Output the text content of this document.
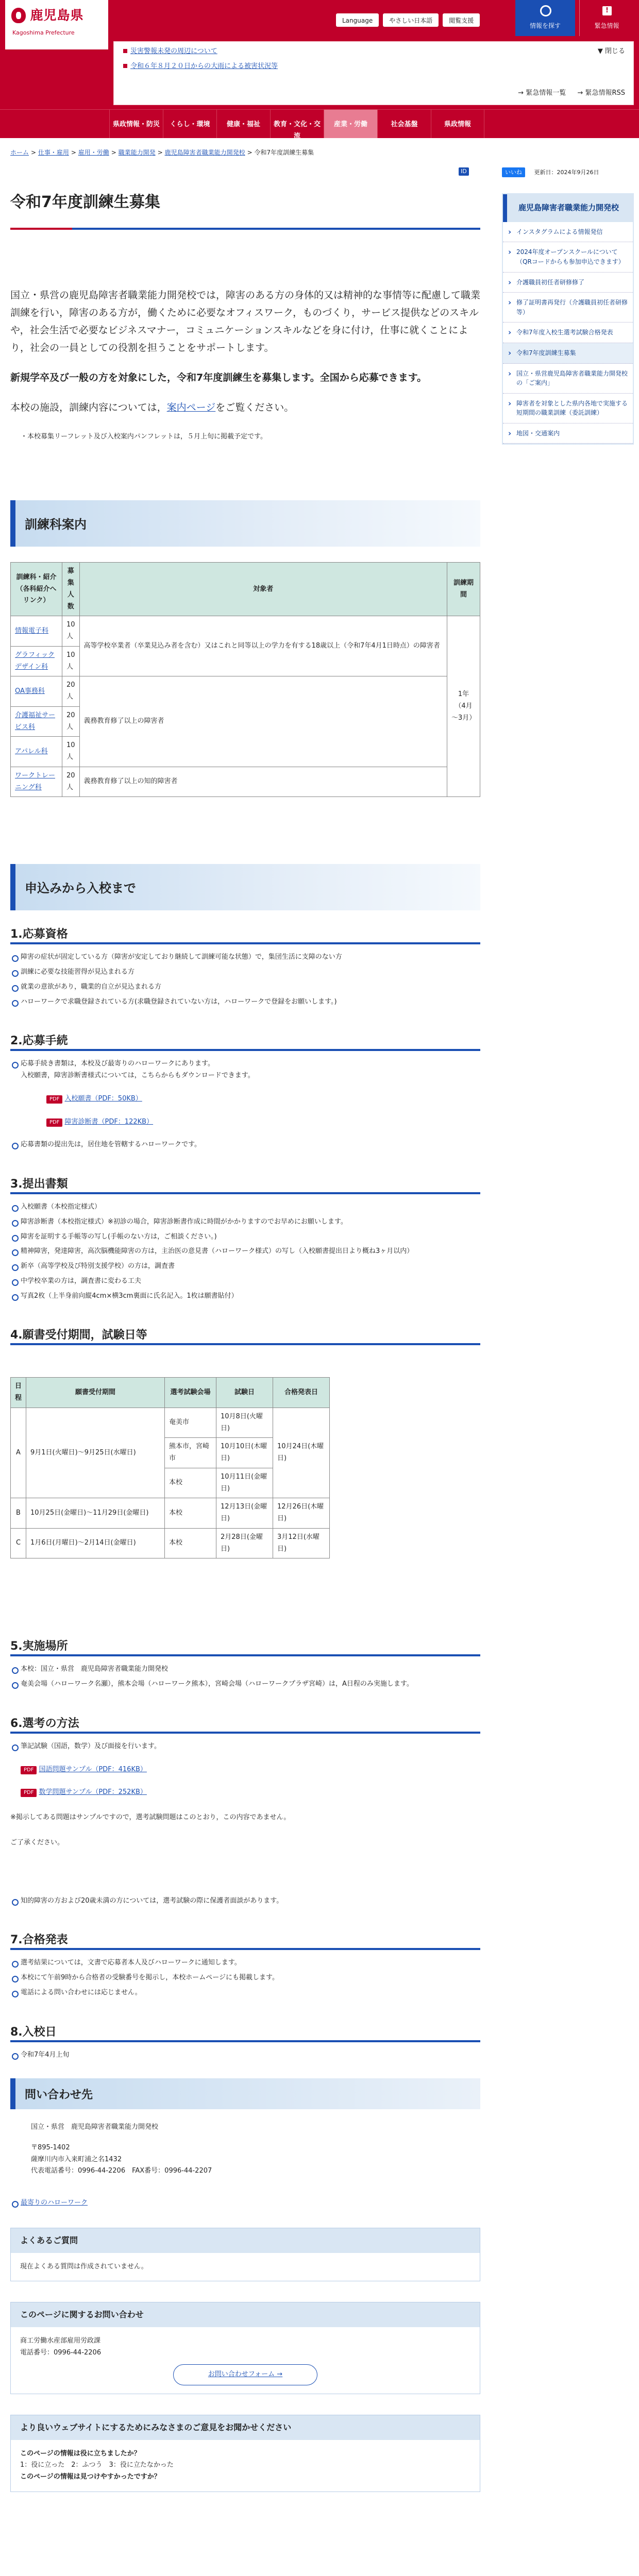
鹿児島県
Kagoshima Prefecture
Language	やさしい日本語	閲覧支援
情報を探す
!
緊急情報
災害警報未発の周辺について
令和６年８月２０日からの大雨による被害状況等
▼ 閉じる
→ 緊急情報一覧 → 緊急情報RSS
県政情報・防災	くらし・環境	健康・福祉	教育・文化・交流
産業・労働	社会基盤	県政情報
ホーム > 仕事・雇用 > 雇用・労働 > 職業能力開発 > 鹿児島障害者職業能力開発校 > 令和7年度訓練生募集
いいね 更新日：2024年9月26日
ID
令和7年度訓練生募集

国立・県営の鹿児島障害者職業能力開発校では，障害のある方の身体的又は精神的な事情等に配慮して職業訓練を行い，障害のある方が，働くために必要なオフィスワーク，ものづくり，サービス提供などのスキルや，社会生活で必要なビジネスマナー，コミュニケーションスキルなどを身に付け，仕事に就くことにより，社会の一員としての役割を担うことをサポートします。

新規学卒及び一般の方を対象にした，令和7年度訓練生を募集します。全国から応募できます。

本校の施設，訓練内容については，案内ページをご覧ください。

・本校募集リーフレット及び入校案内パンフレットは，５月上旬に掲載予定です。
訓練科案内
訓練科・紹介（各科紹介へリンク）	募集人数	対象者	訓練期間
情報電子科	10人	高等学校卒業者（卒業見込み者を含む）又はこれと同等以上の学力を有する18歳以上（令和7年4月1日時点）の障害者	1年
（4月～3月）
グラフィックデザイン科	10人		
OA事務科	20人	義務教育修了以上の障害者	
介護福祉サービス科	20人		
アパレル科	10人		
ワークトレーニング科	20人	義務教育修了以上の知的障害者	
申込みから入校まで
1.応募資格
障害の症状が固定している方（障害が安定しており継続して訓練可能な状態）で，集団生活に支障のない方
訓練に必要な技能習得が見込まれる方
就業の意欲があり，職業的自立が見込まれる方
ハローワークで求職登録されている方(求職登録されていない方は，ハローワークで登録をお願いします。)
2.応募手続
応募手続き書類は，本校及び最寄りのハローワークにあります。
入校願書，障害診断書様式については，こちらからもダウンロードできます。
PDF 入校願書（PDF：50KB）
PDF 障害診断書（PDF：122KB）
応募書類の提出先は，居住地を管轄するハローワークです。
3.提出書類
入校願書（本校指定様式）
障害診断書（本校指定様式）※初診の場合，障害診断書作成に時間がかかりますのでお早めにお願いします。
障害を証明する手帳等の写し(手帳のない方は，ご相談ください。)
精神障害，発達障害，高次脳機能障害の方は，主治医の意見書（ハローワーク様式）の写し（入校願書提出日より概ね3ヶ月以内）
新卒（高等学校及び特別支援学校）の方は，調査書
中学校卒業の方は，調査書に変わる工夫
写真2枚（上半身前向縦4cm×横3cm裏面に氏名記入。1枚は願書貼付）
4.願書受付期間，試験日等
日程	願書受付期間	選考試験会場	試験日	合格発表日
A	9月1日(火曜日)～9月25日(水曜日)	奄美市	10月8日(火曜日)	10月24日(木曜日)
		熊本市，宮崎市	10月10日(木曜日)	
		本校	10月11日(金曜日)	
B	10月25日(金曜日)～11月29日(金曜日)	本校	12月13日(金曜日)	12月26日(木曜日)
C	1月6日(月曜日)～2月14日(金曜日)	本校	2月28日(金曜日)	3月12日(水曜日)
5.実施場所
本校：国立・県営　鹿児島障害者職業能力開発校
奄美会場（ハローワーク名瀬），熊本会場（ハローワーク熊本），宮崎会場（ハローワークプラザ宮崎）は，A日程のみ実施します。
6.選考の方法
筆記試験（国語，数学）及び面接を行います。
PDF 国語問題サンプル（PDF：416KB）
PDF 数学問題サンプル（PDF：252KB）

※掲示してある問題はサンプルですので，選考試験問題はこのとおり，この内容であません。

ご了承ください。

知的障害の方および20歳未満の方については，選考試験の際に保護者面談があります。
7.合格発表
選考結果については，文書で応募者本人及びハローワークに通知します。
本校にて午前9時から合格者の受験番号を掲示し，本校ホームページにも掲載します。
電話による問い合わせには応じません。
8.入校日
令和7年4月上旬
問い合わせ先
国立・県営　鹿児島障害者職業能力開発校
〒895-1402
薩摩川内市入来町浦之名1432
代表電話番号：0996-44-2206　FAX番号：0996-44-2207
最寄りのハローワーク
よくあるご質問
現在よくある質問は作成されていません。
このページに関するお問い合わせ
商工労働水産部雇用労政課
電話番号：0996-44-2206
お問い合わせフォーム →
より良いウェブサイトにするためにみなさまのご意見をお聞かせください
このページの情報は役に立ちましたか？
1：役に立った　2：ふつう　3：役に立たなかった
このページの情報は見つけやすかったですか？
鹿児島障害者職業能力開発校
› インスタグラムによる情報発信
› 2024年度オープンスクールについて（QRコードからも参加申込できます）
› 介護職員初任者研修修了
› 修了証明書再発行（介護職員初任者研修等）
› 令和7年度入校生選考試験合格発表
› 令和7年度訓練生募集
› 国立・県営鹿児島障害者職業能力開発校の「ご案内」
› 障害者を対象とした県内各地で実施する短期間の職業訓練（委託訓練）
› 地図・交通案内
